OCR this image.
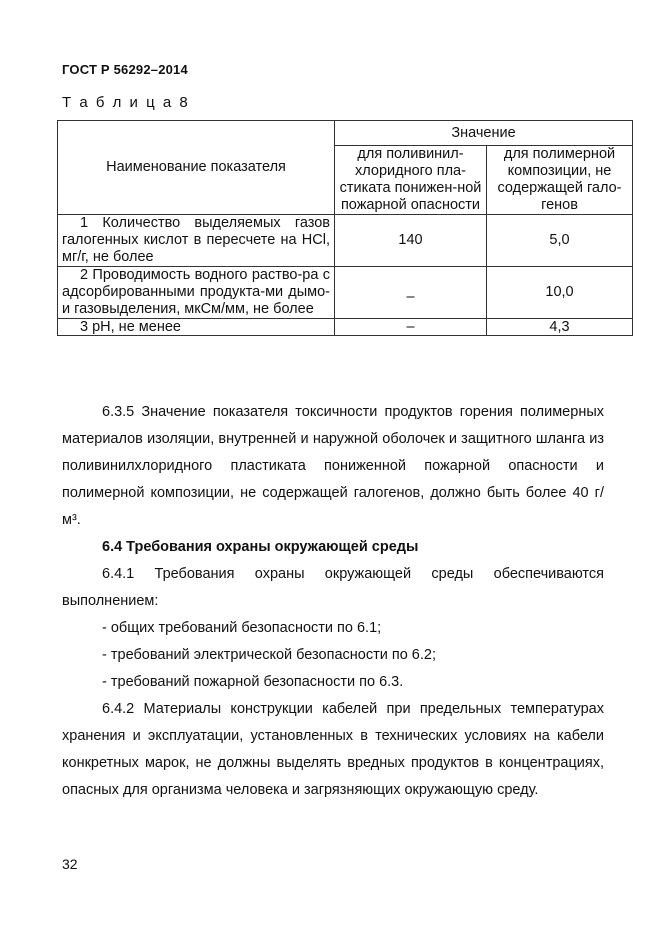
ГОСТ Р 56292–2014
Т а б л и ц а 8
Наименование показателя	Значение	
	для поливинил-хлоридного пла-стиката понижен-ной пожарной опасности	для полимерной композиции, не содержащей гало-генов
1 Количество выделяемых газов галогенных кислот в пересчете на HCl, мг/г, не более	140	5,0
2 Проводимость водного раство-ра с адсорбированными продукта-ми дымо- и газовыделения, мкСм/мм, не более	–	10,0
3 pH, не менее	–	4,3

6.3.5 Значение показателя токсичности продуктов горения полимерных материалов изоляции, внутренней и наружной оболочек и защитного шланга из поливинилхлоридного пластиката пониженной пожарной опасности и полимерной композиции, не содержащей галогенов, должно быть более 40 г/м³.

6.4 Требования охраны окружающей среды

6.4.1 Требования охраны окружающей среды обеспечиваются выполнением:

- общих требований безопасности по 6.1;

- требований электрической безопасности по 6.2;

- требований пожарной безопасности по 6.3.

6.4.2 Материалы конструкции кабелей при предельных температурах хранения и эксплуатации, установленных в технических условиях на кабели конкретных марок, не должны выделять вредных продуктов в концентрациях, опасных для организма человека и загрязняющих окружающую среду.

32
